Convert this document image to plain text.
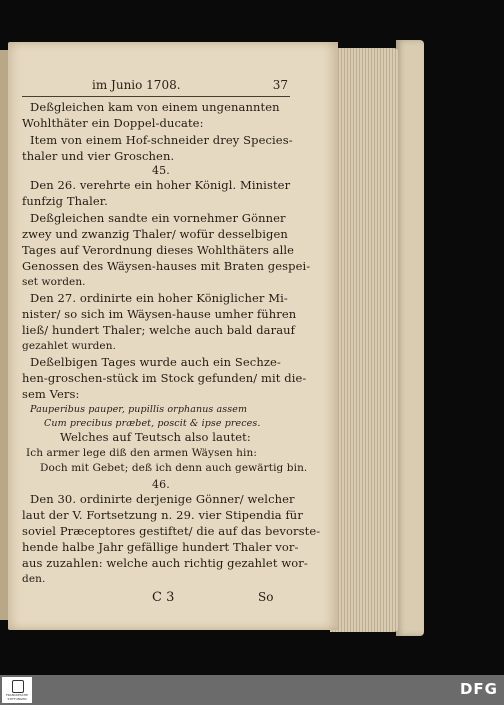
im Junio 1708.	37
Deßgleichen kam von einem ungenannten
Wohlthäter ein Doppel-ducate:
Item von einem Hof-schneider drey Species-
thaler und vier Groschen.
45.
Den 26. verehrte ein hoher Königl. Minister
funfzig Thaler.
Deßgleichen sandte ein vornehmer Gönner
zwey und zwanzig Thaler/ wofür desselbigen
Tages auf Verordnung dieses Wohlthäters alle
Genossen des Wäysen-hauses mit Braten gespei-
set worden.
Den 27. ordinirte ein hoher Königlicher Mi-
nister/ so sich im Wäysen-hause umher führen
ließ/ hundert Thaler; welche auch bald darauf
gezahlet wurden.
Deßelbigen Tages wurde auch ein Sechze-
hen-groschen-stück im Stock gefunden/ mit die-
sem Vers:
Pauperibus pauper, pupillis orphanus assem
Cum precibus præbet, poscit & ipse preces.
Welches auf Teutsch also lautet:
Ich armer lege diß den armen Wäysen hin:
Doch mit Gebet; deß ich denn auch gewärtig bin.
46.
Den 30. ordinirte derjenige Gönner/ welcher
laut der V. Fortsetzung n. 29. vier Stipendia für
soviel Præceptores gestiftet/ die auf das bevorste-
hende halbe Jahr gefällige hundert Thaler vor-
aus zuzahlen: welche auch richtig gezahlet wor-
den.
C 3	So
FRANCKESCHE STIFTUNGEN
DFG
